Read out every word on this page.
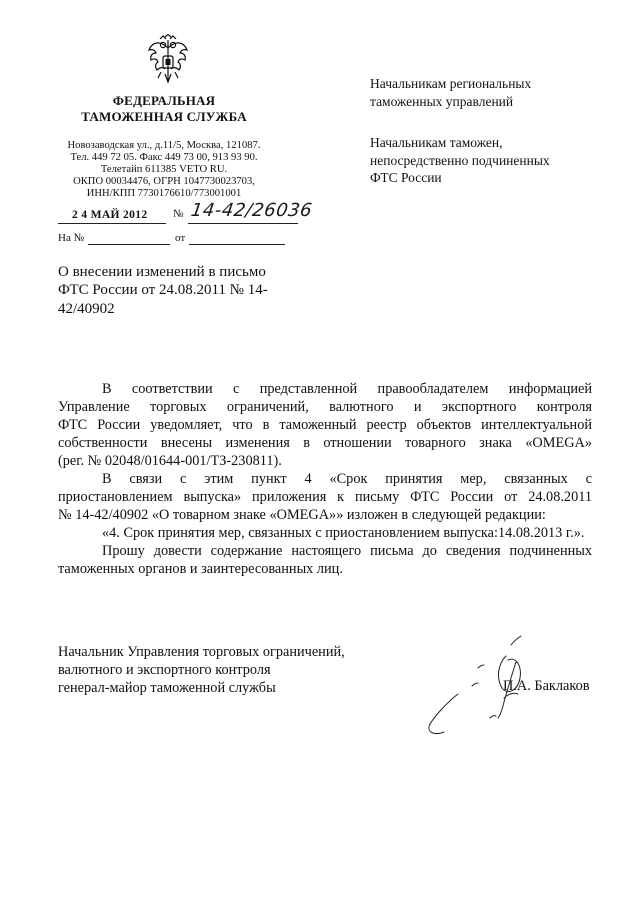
ФЕДЕРАЛЬНАЯ
ТАМОЖЕННАЯ СЛУЖБА
Новозаводская ул., д.11/5, Москва, 121087.
Тел. 449 72 05. Факс 449 73 00, 913 93 90.
Телетайп 611385 VETO RU.
ОКПО 00034476, ОГРН 1047730023703,
ИНН/КПП 7730176610/773001001
2 4 МАЙ 2012 № 14-42/26036
На №	от
Начальникам региональных
таможенных управлений
Начальникам таможен,
непосредственно подчиненных
ФТС России
О внесении изменений в письмо
ФТС России от 24.08.2011 № 14-
42/40902
В соответствии с представленной правообладателем информацией
Управление торговых ограничений, валютного и экспортного контроля
ФТС России уведомляет, что в таможенный реестр объектов интеллектуальной
собственности внесены изменения в отношении товарного знака «OMEGA»
(рег. № 02048/01644-001/ТЗ-230811).
В связи с этим пункт 4 «Срок принятия мер, связанных с
приостановлением выпуска» приложения к письму ФТС России от 24.08.2011
№ 14-42/40902 «О товарном знаке «OMEGA»» изложен в следующей редакции:
«4. Срок принятия мер, связанных с приостановлением выпуска:14.08.2013 г.».
Прошу довести содержание настоящего письма до сведения подчиненных
таможенных органов и заинтересованных лиц.
Начальник Управления торговых ограничений,
валютного и экспортного контроля
генерал-майор таможенной службы	П.А. Баклаков
